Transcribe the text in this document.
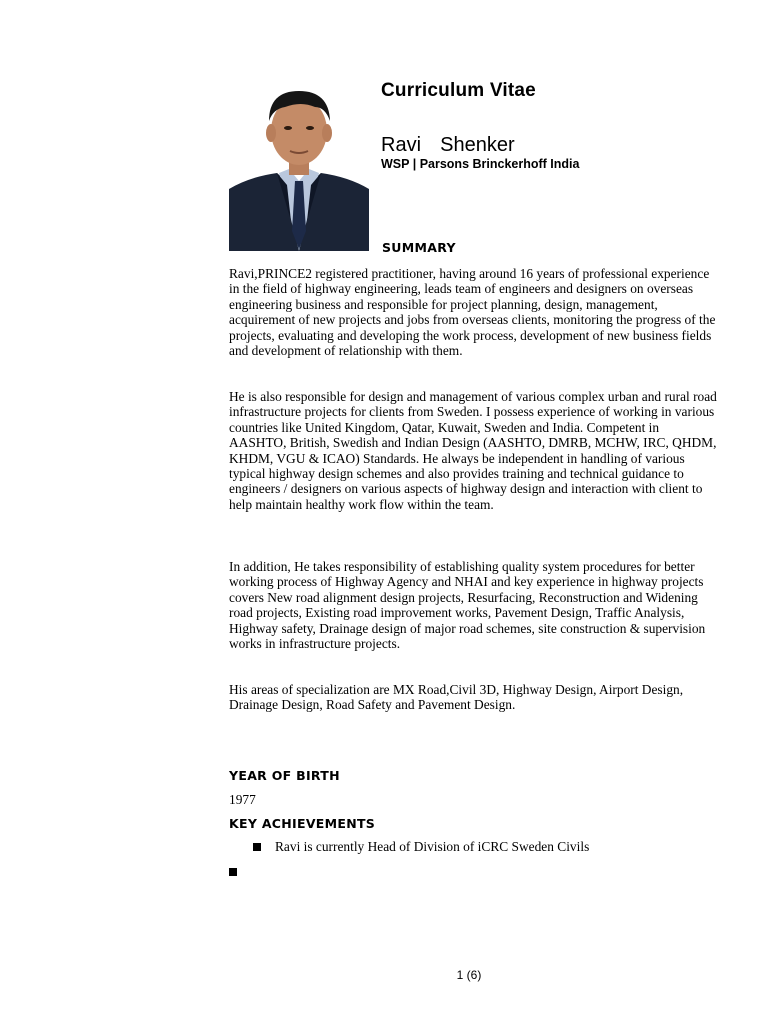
Curriculum Vitae
Ravi  Shenker
WSP | Parsons Brinckerhoff India
SUMMARY
Ravi,PRINCE2 registered practitioner, having around 16 years of professional experience in the field of highway engineering, leads team of engineers and designers on overseas engineering business and responsible for project planning, design, management, acquirement of new projects and jobs from overseas clients, monitoring the progress of the projects, evaluating and developing the work process, development of new business fields and development of relationship with them.
He is also responsible for design and management of various complex urban and rural road infrastructure projects for clients from Sweden. I possess experience of working in various countries like United Kingdom, Qatar, Kuwait, Sweden and India. Competent in AASHTO, British, Swedish and Indian Design (AASHTO, DMRB, MCHW, IRC, QHDM, KHDM, VGU & ICAO) Standards. He always be independent in handling of various typical highway design schemes and also provides training and technical guidance to engineers / designers on various aspects of highway design and interaction with client to help maintain healthy work flow within the team.
In addition, He takes responsibility of establishing quality system procedures for better working process of Highway Agency and NHAI and key experience in highway projects covers New road alignment design projects, Resurfacing, Reconstruction and Widening road projects, Existing road improvement works, Pavement Design, Traffic Analysis, Highway safety, Drainage design of major road schemes, site construction & supervision works in infrastructure projects.
His areas of specialization are MX Road,Civil 3D, Highway Design, Airport Design, Drainage Design, Road Safety and Pavement Design.
YEAR OF BIRTH
1977
KEY ACHIEVEMENTS
Ravi is currently Head of Division of iCRC Sweden Civils
1 (6)
